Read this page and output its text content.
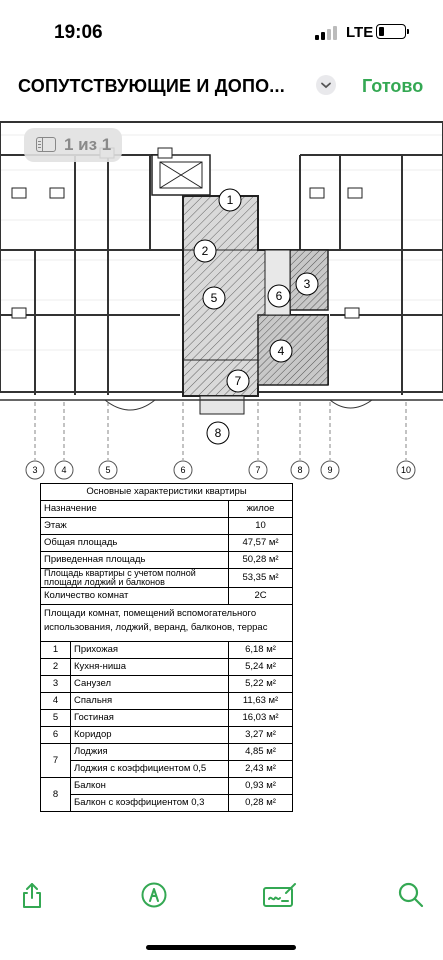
19:06	LTE
СОПУТСТВУЮЩИЕ И ДОПО...	Готово
1
2
3
4
5	6
7
8
3	4	5	6	7	8	9	10
1 из 1
Основные характеристики квартиры		
Назначение		жилое
Этаж		10
Общая площадь		47,57 м²
Приведенная площадь		50,28 м²
Площадь квартиры с учетом полной площади лоджий и балконов		53,35 м²
Количество комнат		2С
Площади комнат, помещений вспомогательного использования, лоджий, веранд, балконов, террас		
1	Прихожая	6,18 м²
2	Кухня-ниша	5,24 м²
3	Санузел	5,22 м²
4	Спальня	11,63 м²
5	Гостиная	16,03 м²
6	Коридор	3,27 м²
7	Лоджия	4,85 м²
	Лоджия с коэффициентом 0,5	2,43 м²
8	Балкон	0,93 м²
	Балкон с коэффициентом 0,3	0,28 м²
